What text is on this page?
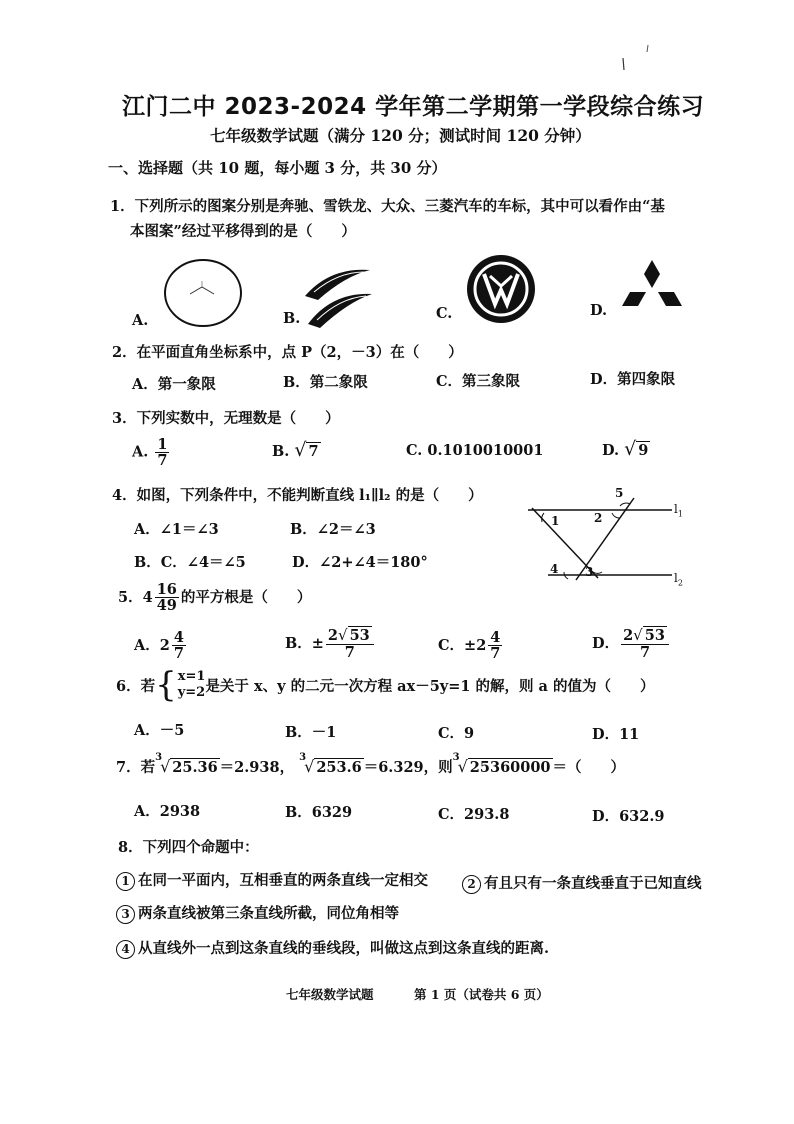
江门二中 2023-2024 学年第二学期第一学段综合练习
七年级数学试题（满分 120 分；测试时间 120 分钟）
一、选择题（共 10 题，每小题 3 分，共 30 分）
1．下列所示的图案分别是奔驰、雪铁龙、大众、三菱汽车的车标，其中可以看作由“基
本图案”经过平移得到的是（　　）
A.	B.	C.	D.
2．在平面直角坐标系中，点 P（2，－3）在（　　）
A．第一象限	B．第二象限	C．第三象限	D．第四象限
3．下列实数中，无理数是（　　）
A. $\frac{1}{7}$	B. √ 7	C. 0.1010010001	D. √ 9
4．如图，下列条件中，不能判断直线 l₁∥l₂ 的是（　　）
A．∠1＝∠3	B．∠2＝∠3
B．C．∠4＝∠5	D．∠2+∠4＝180°
1	2
3
4
5
$l_1$
$l_2$
5． $4 \frac{16}{49}$ 的平方根是（　　）
A． $2 \frac{4}{7}$	B．± $\frac{2√ 53}{7}$	C．± $2 \frac{4}{7}$	D． $\frac{2√ 53}{7}$
6．若 { x=1
y=2 是关于 x、y 的二元一次方程 ax－5y=1 的解，则 a 的值为（　　）
A．－5	B．－1	C．9	D．11
7．若$^3$√ 25.36 ＝2.938， $^3$√ 253.6 ＝6.329，则$^3$√ 25360000 ＝（　　）
A．2938	B．6329	C．293.8	D．632.9
8．下列四个命题中：
1 在同一平面内，互相垂直的两条直线一定相交	2 有且只有一条直线垂直于已知直线
3 两条直线被第三条直线所截，同位角相等
4 从直线外一点到这条直线的垂线段，叫做这点到这条直线的距离.
七年级数学试题	第 1 页（试卷共 6 页）
